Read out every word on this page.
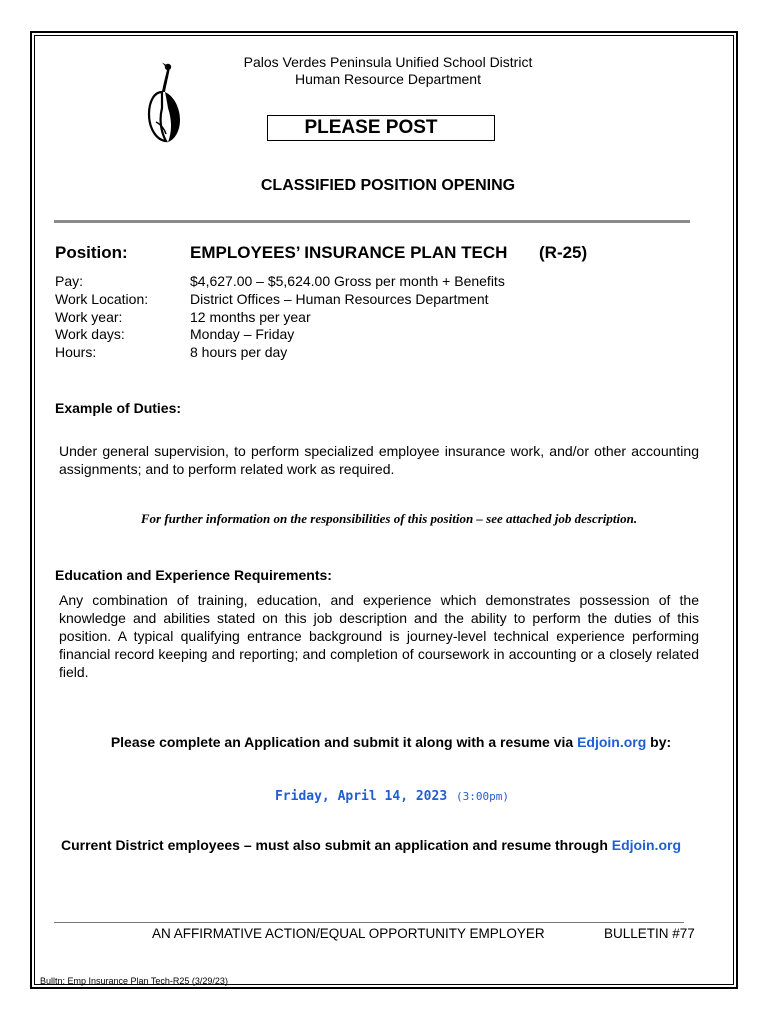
Palos Verdes Peninsula Unified School District
Human Resource Department
PLEASE POST
CLASSIFIED POSITION OPENING
Position:	EMPLOYEES’ INSURANCE PLAN TECH (R-25)
Pay:	$4,627.00 – $5,624.00 Gross per month + Benefits
Work Location:	District Offices – Human Resources Department
Work year:	12 months per year
Work days:	Monday – Friday
Hours:	8 hours per day
Example of Duties:
Under general supervision, to perform specialized employee insurance work, and/or other accounting assignments; and to perform related work as required.
For further information on the responsibilities of this position – see attached job description.
Education and Experience Requirements:
Any combination of training, education, and experience which demonstrates possession of the knowledge and abilities stated on this job description and the ability to perform the duties of this position. A typical qualifying entrance background is journey-level technical experience performing financial record keeping and reporting; and completion of coursework in accounting or a closely related field.
Please complete an Application and submit it along with a resume via Edjoin.org by:
Friday, April 14, 2023 (3:00pm)
Current District employees – must also submit an application and resume through Edjoin.org
AN AFFIRMATIVE ACTION/EQUAL OPPORTUNITY EMPLOYER	BULLETIN #77
Bulltn: Emp Insurance Plan Tech-R25 (3/29/23)
